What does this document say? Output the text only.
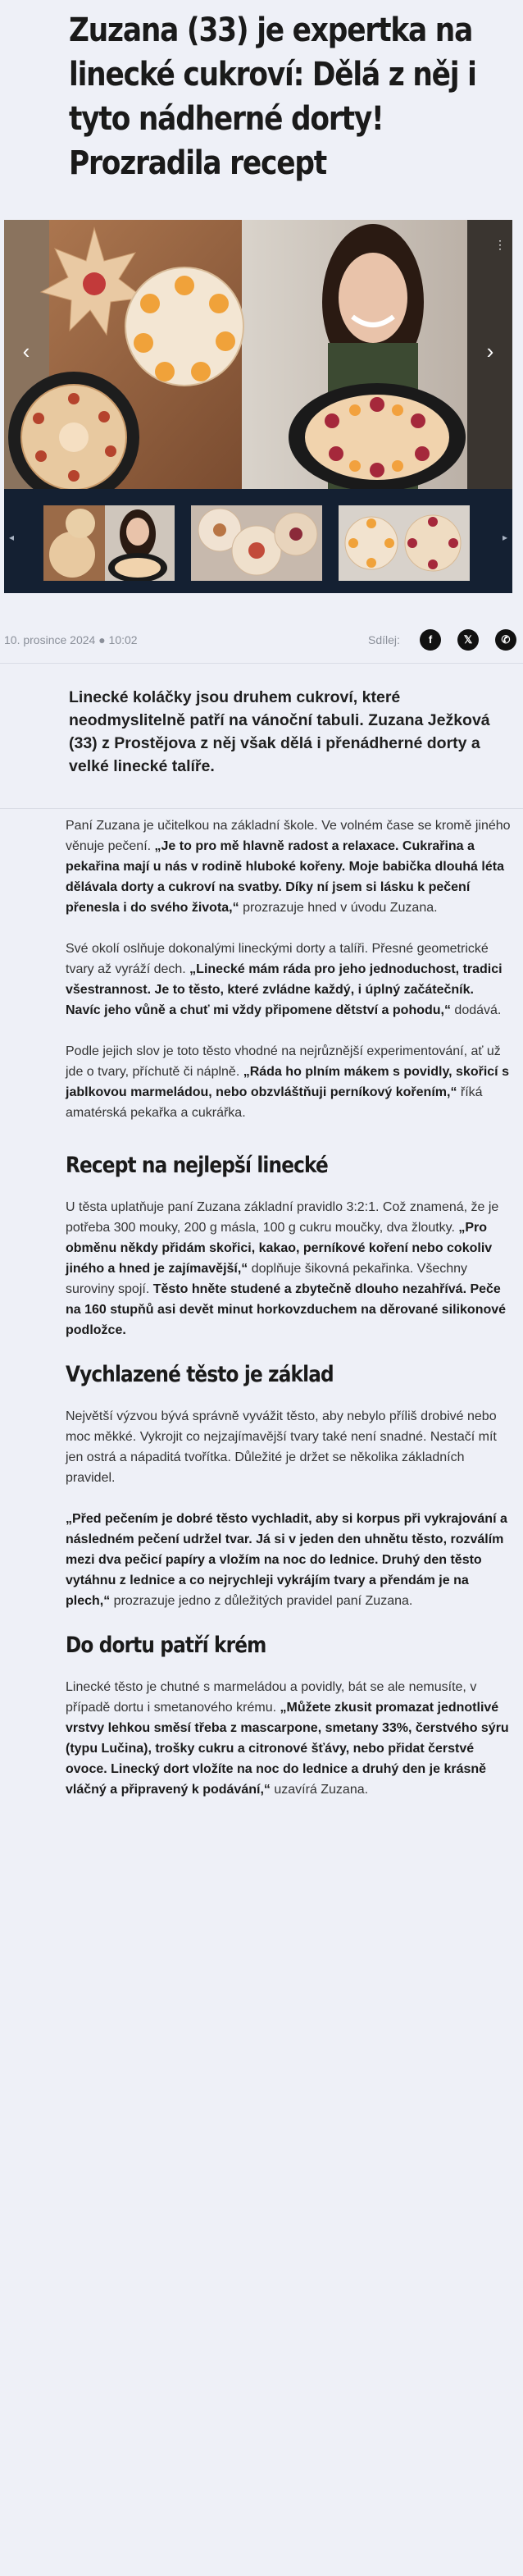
Zuzana (33) je expertka na linecké cukroví: Dělá z něj i tyto nádherné dorty! Prozradila recept
‹	›
⋮
◂	▸
10. prosince 2024 ● 10:02	Sdílej:	f	𝕏	✆

Linecké koláčky jsou druhem cukroví, které neodmyslitelně patří na vánoční tabuli. Zuzana Ježková (33) z Prostějova z něj však dělá i přenádherné dorty a velké linecké talíře.

Paní Zuzana je učitelkou na základní škole. Ve volném čase se kromě jiného věnuje pečení. „Je to pro mě hlavně radost a relaxace. Cukrařina a pekařina mají u nás v rodině hluboké kořeny. Moje babička dlouhá léta dělávala dorty a cukroví na svatby. Díky ní jsem si lásku k pečení přenesla i do svého života,“ prozrazuje hned v úvodu Zuzana.

Své okolí oslňuje dokonalými lineckými dorty a talíři. Přesné geometrické tvary až vyráží dech. „Linecké mám ráda pro jeho jednoduchost, tradici všestrannost. Je to těsto, které zvládne každý, i úplný začátečník. Navíc jeho vůně a chuť mi vždy připomene dětství a pohodu,“ dodává.

Podle jejich slov je toto těsto vhodné na nejrůznější experimentování, ať už jde o tvary, příchutě či náplně. „Ráda ho plním mákem s povidly, skořicí s jablkovou marmeládou, nebo obzvláštňuji perníkový kořením,“ říká amatérská pekařka a cukrářka.

Recept na nejlepší linecké

U těsta uplatňuje paní Zuzana základní pravidlo 3:2:1. Což znamená, že je potřeba 300 mouky, 200 g másla, 100 g cukru moučky, dva žloutky. „Pro obměnu někdy přidám skořici, kakao, perníkové koření nebo cokoliv jiného a hned je zajímavější,“ doplňuje šikovná pekařinka. Všechny suroviny spojí. Těsto hněte studené a zbytečně dlouho nezahřívá. Peče na 160 stupňů asi devět minut horkovzduchem na děrované silikonové podložce.

Vychlazené těsto je základ

Největší výzvou bývá správně vyvážit těsto, aby nebylo příliš drobivé nebo moc měkké. Vykrojit co nejzajímavější tvary také není snadné. Nestačí mít jen ostrá a nápaditá tvořítka. Důležité je držet se několika základních pravidel.

„Před pečením je dobré těsto vychladit, aby si korpus při vykrajování a následném pečení udržel tvar. Já si v jeden den uhnětu těsto, rozválím mezi dva pečicí papíry a vložím na noc do lednice. Druhý den těsto vytáhnu z lednice a co nejrychleji vykrájím tvary a přendám je na plech,“ prozrazuje jedno z důležitých pravidel paní Zuzana.

Do dortu patří krém

Linecké těsto je chutné s marmeládou a povidly, bát se ale nemusíte, v případě dortu i smetanového krému. „Můžete zkusit promazat jednotlivé vrstvy lehkou směsí třeba z mascarpone, smetany 33%, čerstvého sýru (typu Lučina), trošky cukru a citronové šťávy, nebo přidat čerstvé ovoce. Linecký dort vložíte na noc do lednice a druhý den je krásně vláčný a připravený k podávání,“ uzavírá Zuzana.
